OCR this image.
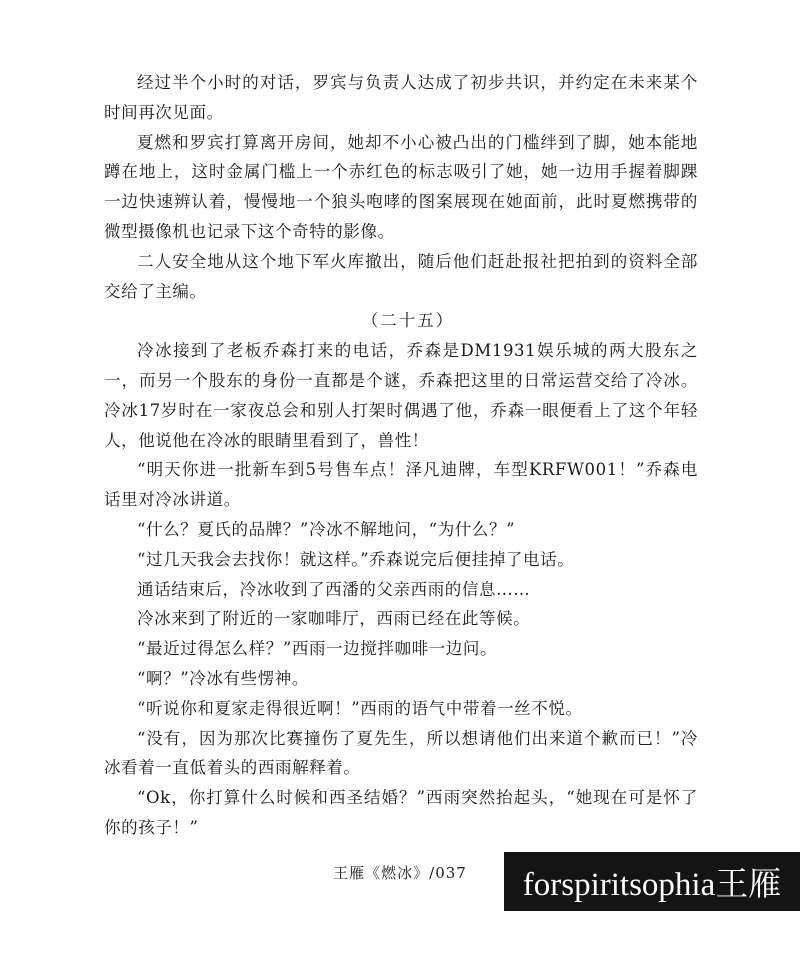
经过半个小时的对话，罗宾与负责人达成了初步共识，并约定在未来某个时间再次见面。

夏燃和罗宾打算离开房间，她却不小心被凸出的门槛绊到了脚，她本能地蹲在地上，这时金属门槛上一个赤红色的标志吸引了她，她一边用手握着脚踝一边快速辨认着，慢慢地一个狼头咆哮的图案展现在她面前，此时夏燃携带的微型摄像机也记录下这个奇特的影像。

二人安全地从这个地下军火库撤出，随后他们赶赴报社把拍到的资料全部交给了主编。

（二十五）

冷冰接到了老板乔森打来的电话，乔森是DM1931娱乐城的两大股东之一，而另一个股东的身份一直都是个谜，乔森把这里的日常运营交给了冷冰。冷冰17岁时在一家夜总会和别人打架时偶遇了他，乔森一眼便看上了这个年轻人，他说他在冷冰的眼睛里看到了，兽性！

“明天你进一批新车到5号售车点！泽凡迪牌，车型KRFW001！”乔森电话里对冷冰讲道。

“什么？夏氏的品牌？”冷冰不解地问，“为什么？”

“过几天我会去找你！就这样。”乔森说完后便挂掉了电话。

通话结束后，冷冰收到了西潘的父亲西雨的信息……

冷冰来到了附近的一家咖啡厅，西雨已经在此等候。

“最近过得怎么样？”西雨一边搅拌咖啡一边问。

“啊？”冷冰有些愣神。

“听说你和夏家走得很近啊！”西雨的语气中带着一丝不悦。

“没有，因为那次比赛撞伤了夏先生，所以想请他们出来道个歉而已！”冷冰看着一直低着头的西雨解释着。

“Ok，你打算什么时候和西圣结婚？”西雨突然抬起头，“她现在可是怀了你的孩子！”

王雁《燃冰》/037	forspiritsophia王雁
